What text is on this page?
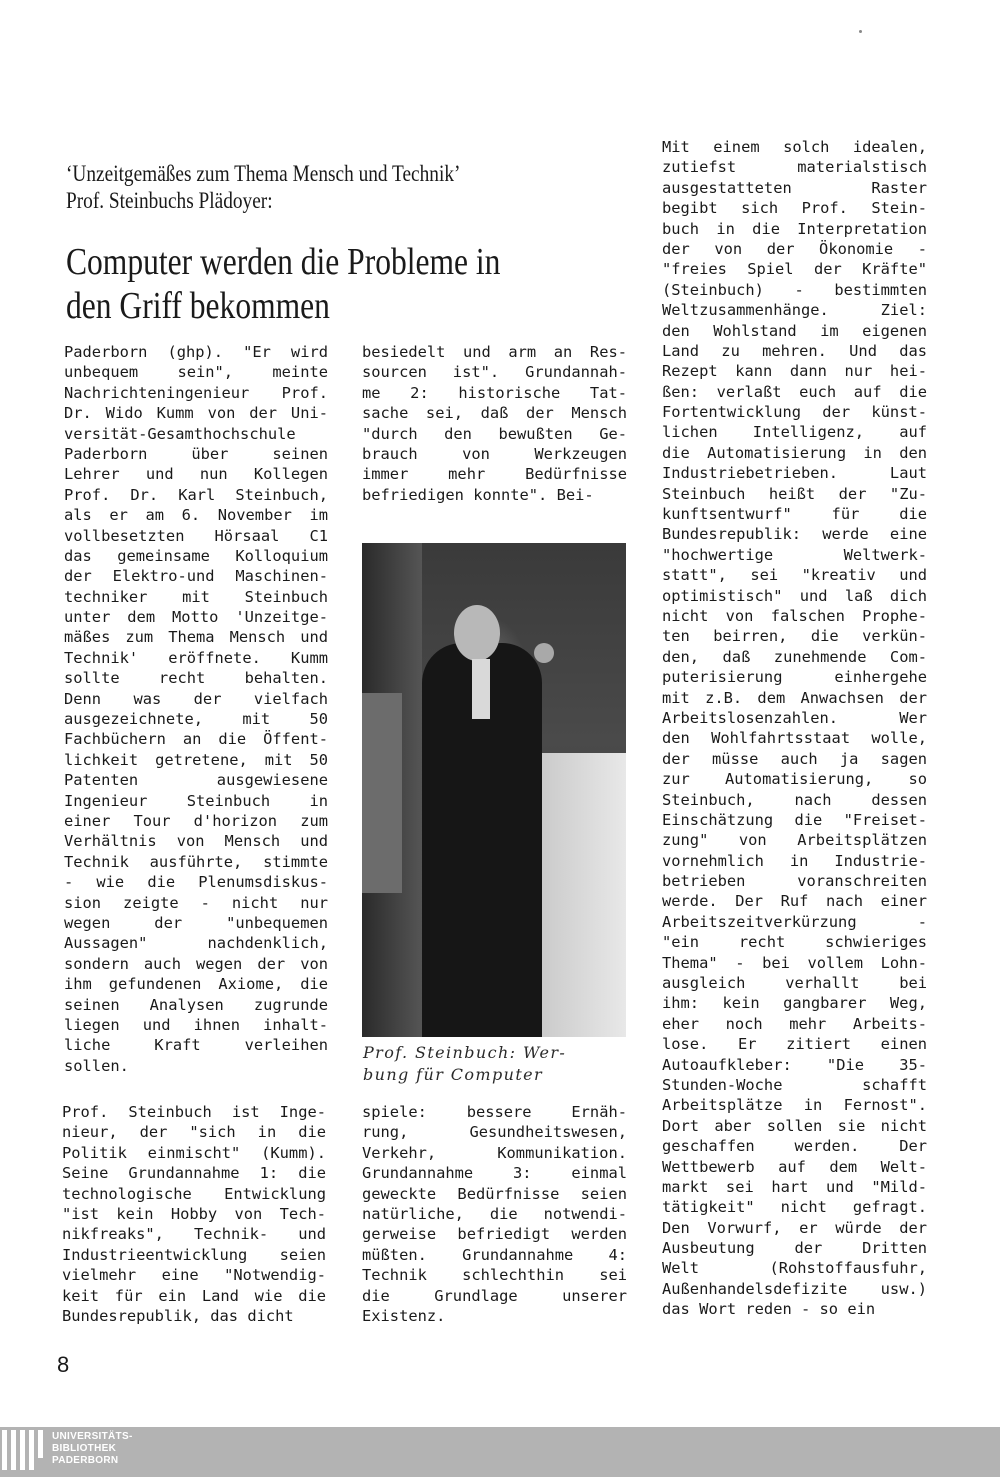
‘Unzeitgemäßes zum Thema Mensch und Technik’
Prof. Steinbuchs Plädoyer:
Computer werden die Probleme in
den Griff bekommen
Paderborn (ghp). "Er wird
unbequem sein", meinte
Nachrichteningenieur Prof.
Dr. Wido Kumm von der Uni-
versität-Gesamthochschule
Paderborn über seinen
Lehrer und nun Kollegen
Prof. Dr. Karl Steinbuch,
als er am 6. November im
vollbesetzten Hörsaal C1
das gemeinsame Kolloquium
der Elektro-und Maschinen-
techniker mit Steinbuch
unter dem Motto 'Unzeitge-
mäßes zum Thema Mensch und
Technik' eröffnete. Kumm
sollte recht behalten.
Denn was der vielfach
ausgezeichnete, mit 50
Fachbüchern an die Öffent-
lichkeit getretene, mit 50
Patenten ausgewiesene
Ingenieur Steinbuch in
einer Tour d'horizon zum
Verhältnis von Mensch und
Technik ausführte, stimmte
- wie die Plenumsdiskus-
sion zeigte - nicht nur
wegen der "unbequemen
Aussagen" nachdenklich,
sondern auch wegen der von
ihm gefundenen Axiome, die
seinen Analysen zugrunde
liegen und ihnen inhalt-
liche Kraft verleihen
sollen.
Prof. Steinbuch ist Inge-
nieur, der "sich in die
Politik einmischt" (Kumm).
Seine Grundannahme 1: die
technologische Entwicklung
"ist kein Hobby von Tech-
nikfreaks", Technik- und
Industrieentwicklung seien
vielmehr eine "Notwendig-
keit für ein Land wie die
Bundesrepublik, das dicht
besiedelt und arm an Res-
sourcen ist". Grundannah-
me 2: historische Tat-
sache sei, daß der Mensch
"durch den bewußten Ge-
brauch von Werkzeugen
immer mehr Bedürfnisse
befriedigen konnte". Bei-
Prof. Steinbuch: Wer-
bung für Computer
spiele: bessere Ernäh-
rung, Gesundheitswesen,
Verkehr, Kommunikation.
Grundannahme 3: einmal
geweckte Bedürfnisse seien
natürliche, die notwendi-
gerweise befriedigt werden
müßten. Grundannahme 4:
Technik schlechthin sei
die Grundlage unserer
Existenz.
Mit einem solch idealen,
zutiefst materialstisch
ausgestatteten Raster
begibt sich Prof. Stein-
buch in die Interpretation
der von der Ökonomie -
"freies Spiel der Kräfte"
(Steinbuch) - bestimmten
Weltzusammenhänge. Ziel:
den Wohlstand im eigenen
Land zu mehren. Und das
Rezept kann dann nur hei-
ßen: verlaßt euch auf die
Fortentwicklung der künst-
lichen Intelligenz, auf
die Automatisierung in den
Industriebetrieben. Laut
Steinbuch heißt der "Zu-
kunftsentwurf" für die
Bundesrepublik: werde eine
"hochwertige Weltwerk-
statt", sei "kreativ und
optimistisch" und laß dich
nicht von falschen Prophe-
ten beirren, die verkün-
den, daß zunehmende Com-
puterisierung einhergehe
mit z.B. dem Anwachsen der
Arbeitslosenzahlen. Wer
den Wohlfahrtsstaat wolle,
der müsse auch ja sagen
zur Automatisierung, so
Steinbuch, nach dessen
Einschätzung die "Freiset-
zung" von Arbeitsplätzen
vornehmlich in Industrie-
betrieben voranschreiten
werde. Der Ruf nach einer
Arbeitszeitverkürzung -
"ein recht schwieriges
Thema" - bei vollem Lohn-
ausgleich verhallt bei
ihm: kein gangbarer Weg,
eher noch mehr Arbeits-
lose. Er zitiert einen
Autoaufkleber: "Die 35-
Stunden-Woche schafft
Arbeitsplätze in Fernost".
Dort aber sollen sie nicht
geschaffen werden. Der
Wettbewerb auf dem Welt-
markt sei hart und "Mild-
tätigkeit" nicht gefragt.
Den Vorwurf, er würde der
Ausbeutung der Dritten
Welt (Rohstoffausfuhr,
Außenhandelsdefizite usw.)
das Wort reden - so ein
8
UNIVERSITÄTS-
BIBLIOTHEK
PADERBORN
